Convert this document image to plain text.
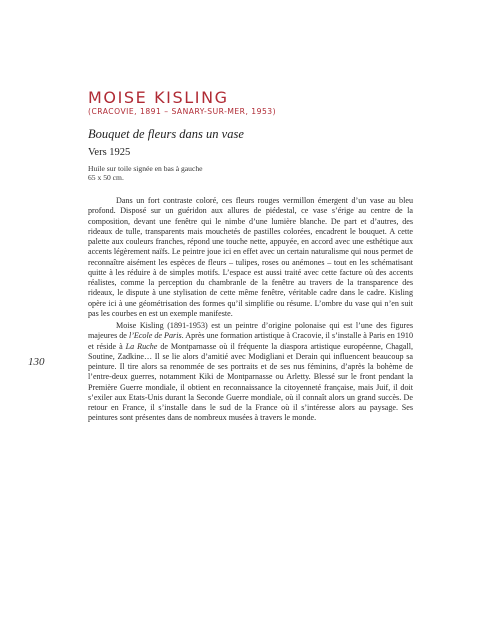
MOISE KISLING
(CRACOVIE, 1891 – SANARY-SUR-MER, 1953)
Bouquet de fleurs dans un vase
Vers 1925
Huile sur toile signée en bas à gauche
65 x 50 cm.

Dans un fort contraste coloré, ces fleurs rouges vermillon émergent d’un vase au bleu profond. Disposé sur un guéridon aux allures de piédestal, ce vase s’érige au centre de la composition, devant une fenêtre qui le nimbe d’une lumière blanche. De part et d’autres, des rideaux de tulle, transparents mais mouchetés de pastilles colorées, encadrent le bouquet. A cette palette aux couleurs franches, répond une touche nette, appuyée, en accord avec une esthétique aux accents légèrement naïfs. Le peintre joue ici en effet avec un certain naturalisme qui nous permet de reconnaître aisément les espèces de fleurs – tulipes, roses ou anémones – tout en les schématisant quitte à les réduire à de simples motifs. L’espace est aussi traité avec cette facture où des accents réalistes, comme la perception du chambranle de la fenêtre au travers de la transparence des rideaux, le dispute à une stylisation de cette même fenêtre, véritable cadre dans le cadre. Kisling opère ici à une géométrisation des formes qu’il simplifie ou résume. L’ombre du vase qui n’en suit pas les courbes en est un exemple manifeste.

Moise Kisling (1891-1953) est un peintre d’origine polonaise qui est l’une des figures majeures de l’Ecole de Paris. Après une formation artistique à Cracovie, il s’installe à Paris en 1910 et réside à La Ruche de Montparnasse où il fréquente la diaspora artistique européenne, Chagall, Soutine, Zadkine… Il se lie alors d’amitié avec Modigliani et Derain qui influencent beaucoup sa peinture. Il tire alors sa renommée de ses portraits et de ses nus féminins, d’après la bohème de l’entre-deux guerres, notamment Kiki de Montparnasse ou Arletty. Blessé sur le front pendant la Première Guerre mondiale, il obtient en reconnaissance la citoyenneté française, mais Juif, il doit s’exiler aux Etats-Unis durant la Seconde Guerre mondiale, où il connaît alors un grand succès. De retour en France, il s’installe dans le sud de la France où il s’intéresse alors au paysage. Ses peintures sont présentes dans de nombreux musées à travers le monde.

130
